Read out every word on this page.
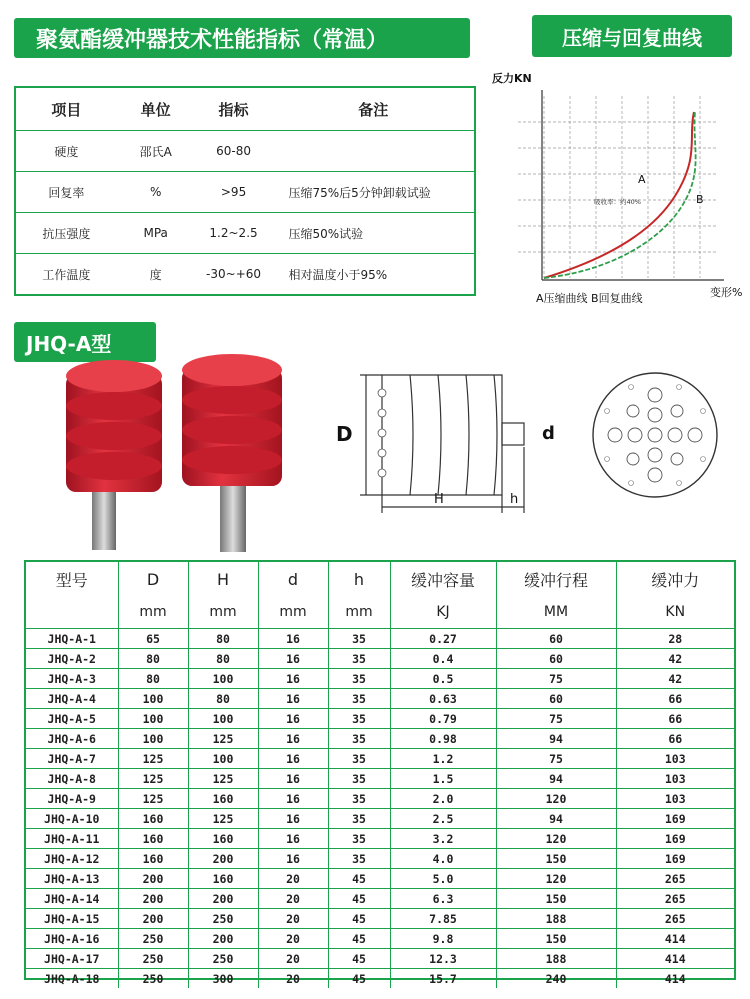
聚氨酯缓冲器技术性能指标（常温）	压缩与回复曲线
项目	单位	指标	备注
硬度	邵氏A	60-80	
回复率	%	>95	压缩75%后5分钟卸载试验
抗压强度	MPa	1.2~2.5	压缩50%试验
工作温度	度	-30~+60	相对温度小于95%
反力KN
变形%
A
B
吸收率：约40%
A压缩曲线 B回复曲线
JHQ-A型
D	d
H	h
型号	D	H	d	h	缓冲容量	缓冲行程	缓冲力
	mm	mm	mm	mm	KJ	MM	KN
JHQ-A-1	65	80	16	35	0.27	60	28
JHQ-A-2	80	80	16	35	0.4	60	42
JHQ-A-3	80	100	16	35	0.5	75	42
JHQ-A-4	100	80	16	35	0.63	60	66
JHQ-A-5	100	100	16	35	0.79	75	66
JHQ-A-6	100	125	16	35	0.98	94	66
JHQ-A-7	125	100	16	35	1.2	75	103
JHQ-A-8	125	125	16	35	1.5	94	103
JHQ-A-9	125	160	16	35	2.0	120	103
JHQ-A-10	160	125	16	35	2.5	94	169
JHQ-A-11	160	160	16	35	3.2	120	169
JHQ-A-12	160	200	16	35	4.0	150	169
JHQ-A-13	200	160	20	45	5.0	120	265
JHQ-A-14	200	200	20	45	6.3	150	265
JHQ-A-15	200	250	20	45	7.85	188	265
JHQ-A-16	250	200	20	45	9.8	150	414
JHQ-A-17	250	250	20	45	12.3	188	414
JHQ-A-18	250	300	20	45	15.7	240	414
